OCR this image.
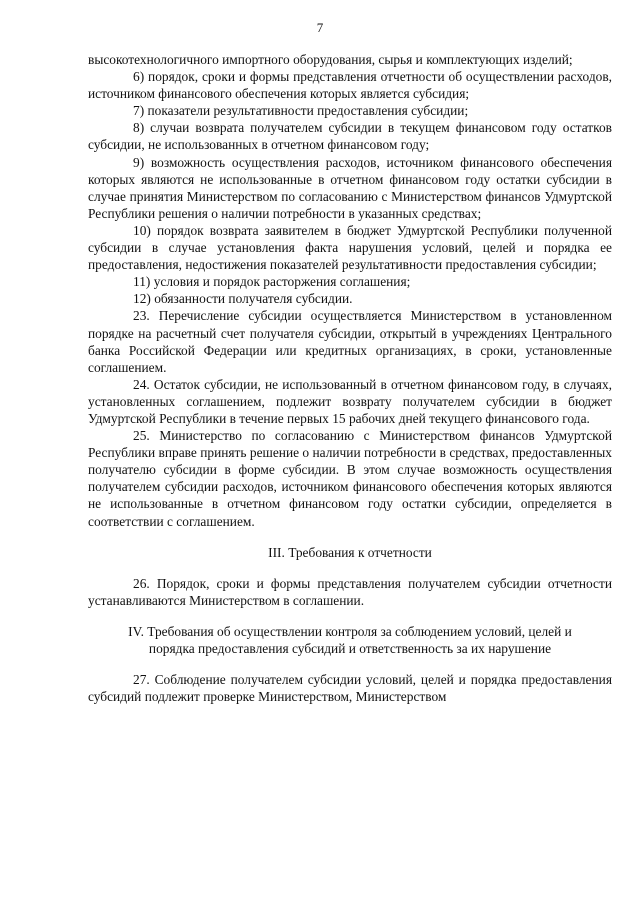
7

высокотехнологичного импортного оборудования, сырья и комплектующих изделий;

6) порядок, сроки и формы представления отчетности об осуществлении расходов, источником финансового обеспечения которых является субсидия;

7) показатели результативности предоставления субсидии;

8) случаи возврата получателем субсидии в текущем финансовом году остатков субсидии, не использованных в отчетном финансовом году;

9) возможность осуществления расходов, источником финансового обеспечения которых являются не использованные в отчетном финансовом году остатки субсидии в случае принятия Министерством по согласованию с Министерством финансов Удмуртской Республики решения о наличии потребности в указанных средствах;

10) порядок возврата заявителем в бюджет Удмуртской Республики полученной субсидии в случае установления факта нарушения условий, целей и порядка ее предоставления, недостижения показателей результативности предоставления субсидии;

11) условия и порядок расторжения соглашения;

12) обязанности получателя субсидии.

23. Перечисление субсидии осуществляется Министерством в установленном порядке на расчетный счет получателя субсидии, открытый в учреждениях Центрального банка Российской Федерации или кредитных организациях, в сроки, установленные соглашением.

24. Остаток субсидии, не использованный в отчетном финансовом году, в случаях, установленных соглашением, подлежит возврату получателем субсидии в бюджет Удмуртской Республики в течение первых 15 рабочих дней текущего финансового года.

25. Министерство по согласованию с Министерством финансов Удмуртской Республики вправе принять решение о наличии потребности в средствах, предоставленных получателю субсидии в форме субсидии. В этом случае возможность осуществления получателем субсидии расходов, источником финансового обеспечения которых являются не использованные в отчетном финансовом году остатки субсидии, определяется в соответствии с соглашением.

III. Требования к отчетности

26. Порядок, сроки и формы представления получателем субсидии отчетности устанавливаются Министерством в соглашении.

IV. Требования об осуществлении контроля за соблюдением условий, целей и
порядка предоставления субсидий и ответственность за их нарушение

27. Соблюдение получателем субсидии условий, целей и порядка предоставления субсидий подлежит проверке Министерством, Министерством
